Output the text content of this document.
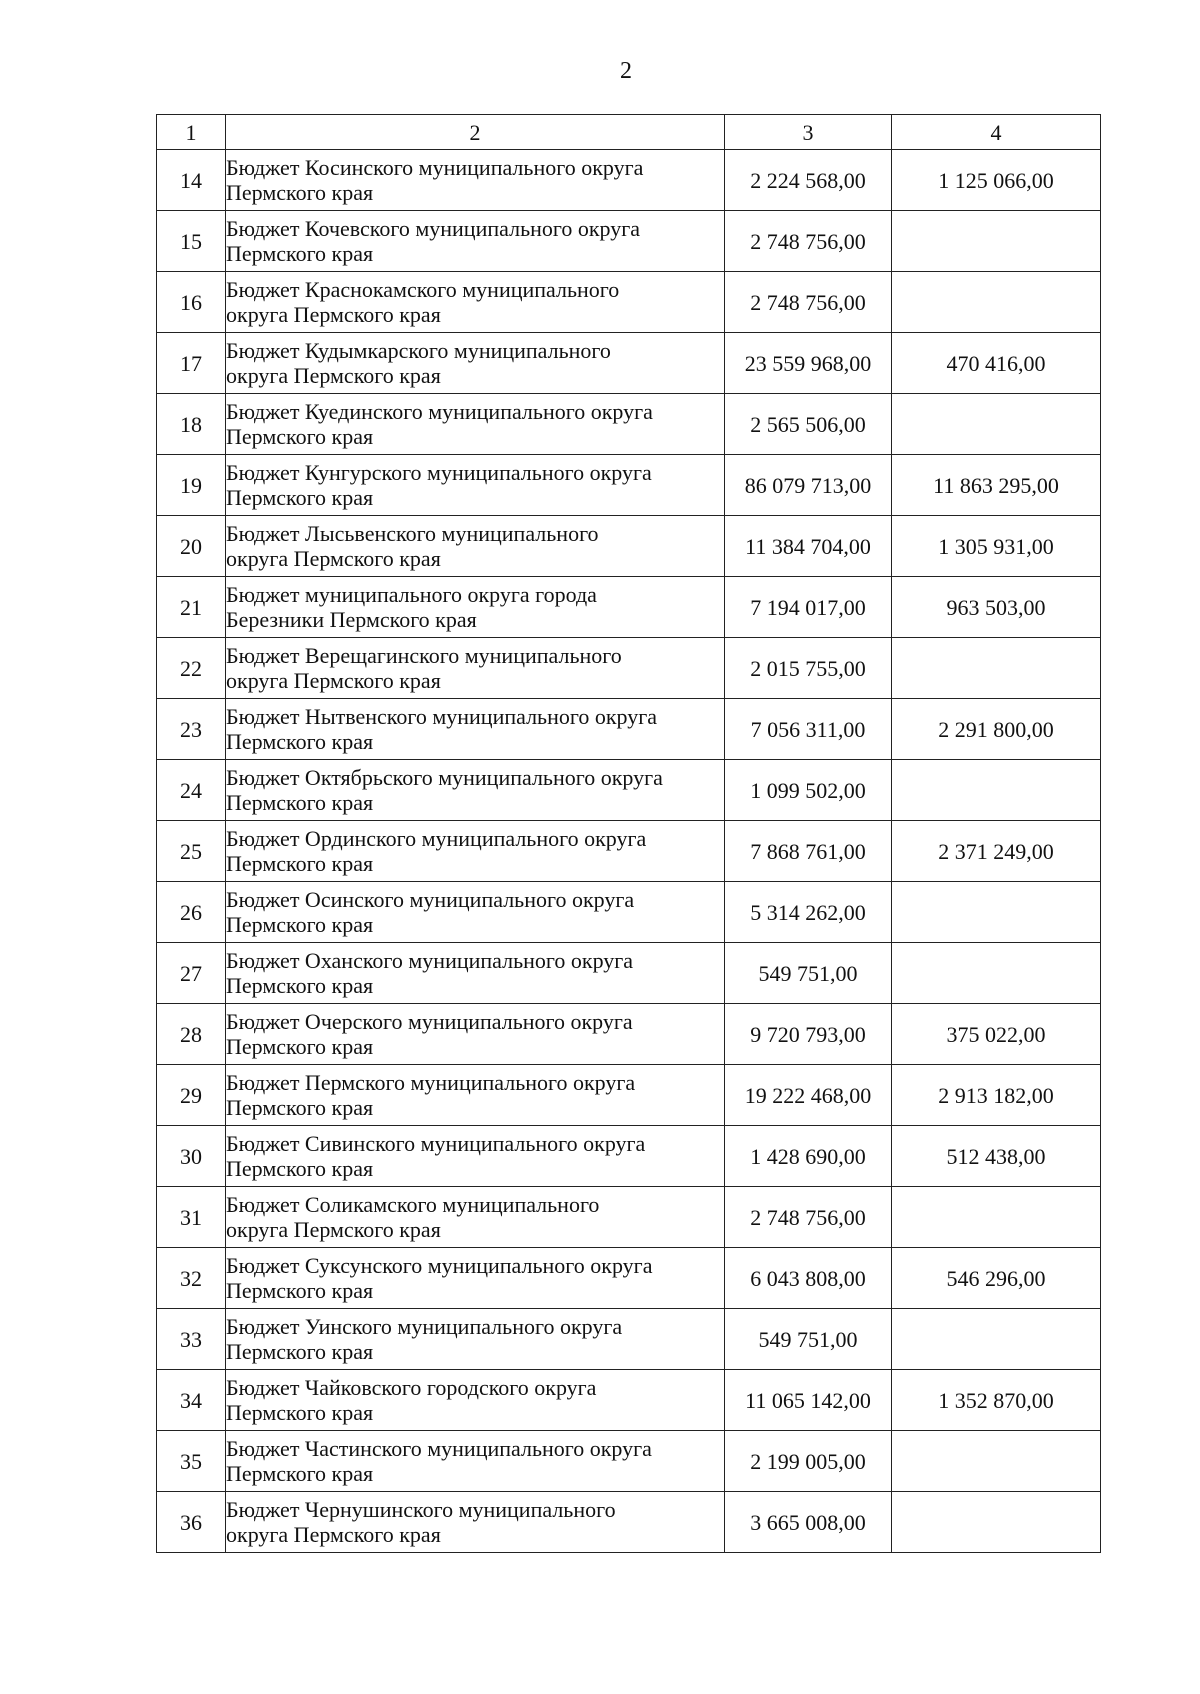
2
1	2	3	4
14	Бюджет Косинского муниципального округа
Пермского края	2 224 568,00	1 125 066,00
15	Бюджет Кочевского муниципального округа
Пермского края	2 748 756,00	
16	Бюджет Краснокамского муниципального
округа Пермского края	2 748 756,00	
17	Бюджет Кудымкарского муниципального
округа Пермского края	23 559 968,00	470 416,00
18	Бюджет Куединского муниципального округа
Пермского края	2 565 506,00	
19	Бюджет Кунгурского муниципального округа
Пермского края	86 079 713,00	11 863 295,00
20	Бюджет Лысьвенского муниципального
округа Пермского края	11 384 704,00	1 305 931,00
21	Бюджет муниципального округа города
Березники Пермского края	7 194 017,00	963 503,00
22	Бюджет Верещагинского муниципального
округа Пермского края	2 015 755,00	
23	Бюджет Нытвенского муниципального округа
Пермского края	7 056 311,00	2 291 800,00
24	Бюджет Октябрьского муниципального округа
Пермского края	1 099 502,00	
25	Бюджет Ординского муниципального округа
Пермского края	7 868 761,00	2 371 249,00
26	Бюджет Осинского муниципального округа
Пермского края	5 314 262,00	
27	Бюджет Оханского муниципального округа
Пермского края	549 751,00	
28	Бюджет Очерского муниципального округа
Пермского края	9 720 793,00	375 022,00
29	Бюджет Пермского муниципального округа
Пермского края	19 222 468,00	2 913 182,00
30	Бюджет Сивинского муниципального округа
Пермского края	1 428 690,00	512 438,00
31	Бюджет Соликамского муниципального
округа Пермского края	2 748 756,00	
32	Бюджет Суксунского муниципального округа
Пермского края	6 043 808,00	546 296,00
33	Бюджет Уинского муниципального округа
Пермского края	549 751,00	
34	Бюджет Чайковского городского округа
Пермского края	11 065 142,00	1 352 870,00
35	Бюджет Частинского муниципального округа
Пермского края	2 199 005,00	
36	Бюджет Чернушинского муниципального
округа Пермского края	3 665 008,00	
